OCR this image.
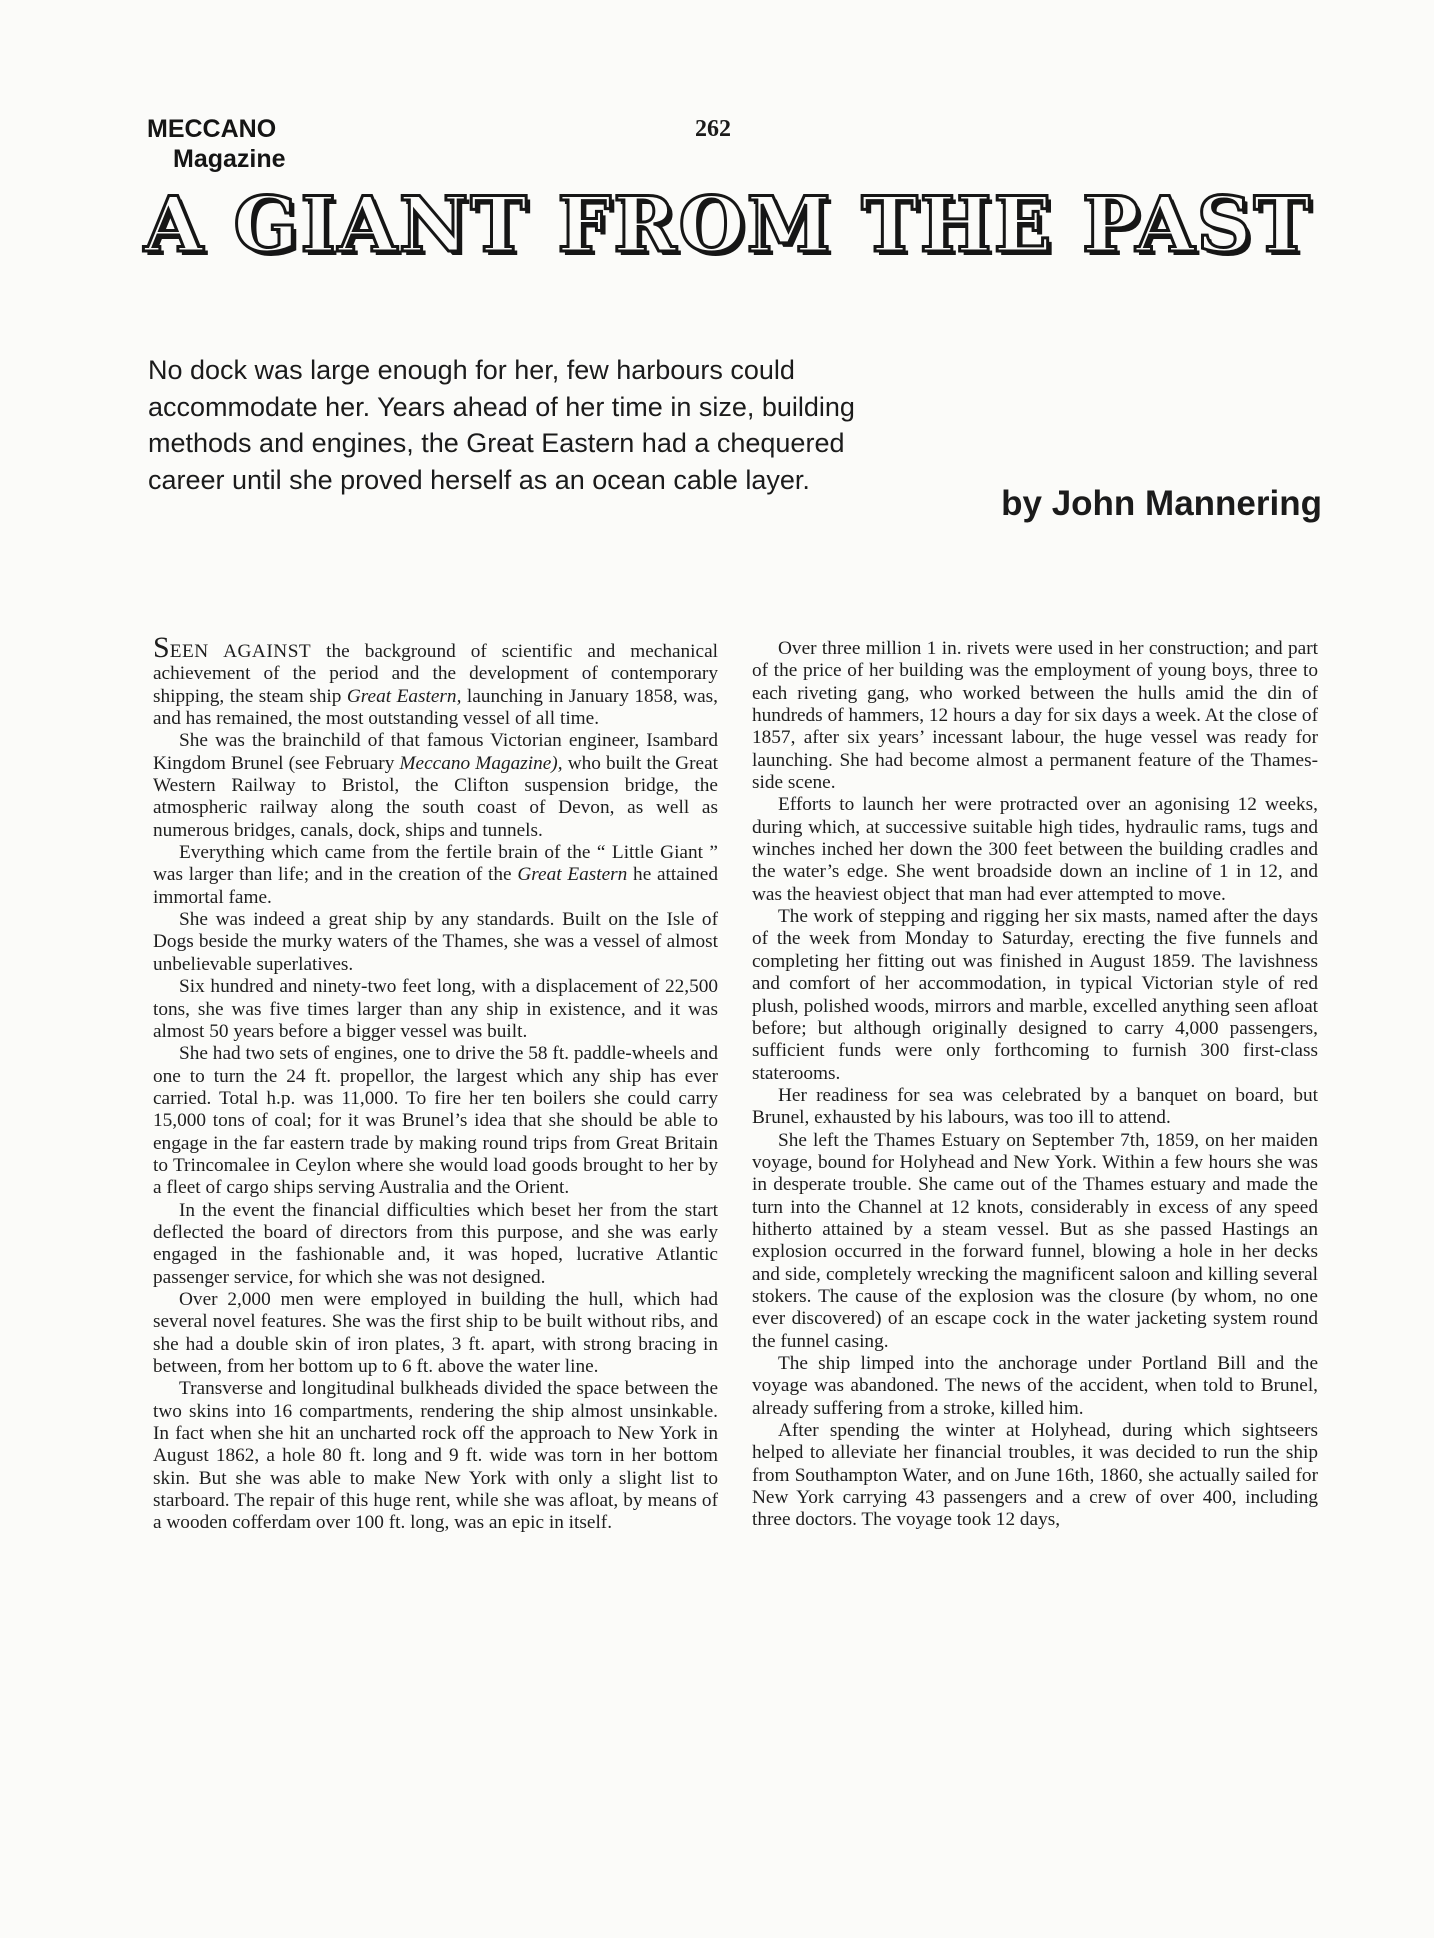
MECCANO
Magazine
262
A GIANT FROM THE PAST
No dock was large enough for her, few harbours could accommodate her. Years ahead of her time in size, building methods and engines, the Great Eastern had a chequered career until she proved herself as an ocean cable layer.
by John Mannering

SEEN AGAINST the background of scientific and mechanical achievement of the period and the development of contemporary shipping, the steam ship Great Eastern, launching in January 1858, was, and has remained, the most outstanding vessel of all time.

She was the brainchild of that famous Victorian engineer, Isambard Kingdom Brunel (see February Meccano Magazine), who built the Great Western Railway to Bristol, the Clifton suspension bridge, the atmospheric railway along the south coast of Devon, as well as numerous bridges, canals, dock, ships and tunnels.

Everything which came from the fertile brain of the “ Little Giant ” was larger than life; and in the creation of the Great Eastern he attained immortal fame.

She was indeed a great ship by any standards. Built on the Isle of Dogs beside the murky waters of the Thames, she was a vessel of almost unbelievable superlatives.

Six hundred and ninety-two feet long, with a displacement of 22,500 tons, she was five times larger than any ship in existence, and it was almost 50 years before a bigger vessel was built.

She had two sets of engines, one to drive the 58 ft. paddle-wheels and one to turn the 24 ft. propellor, the largest which any ship has ever carried. Total h.p. was 11,000. To fire her ten boilers she could carry 15,000 tons of coal; for it was Brunel’s idea that she should be able to engage in the far eastern trade by making round trips from Great Britain to Trincomalee in Ceylon where she would load goods brought to her by a fleet of cargo ships serving Australia and the Orient.

In the event the financial difficulties which beset her from the start deflected the board of directors from this purpose, and she was early engaged in the fashionable and, it was hoped, lucrative Atlantic passenger service, for which she was not designed.

Over 2,000 men were employed in building the hull, which had several novel features. She was the first ship to be built without ribs, and she had a double skin of iron plates, 3 ft. apart, with strong bracing in between, from her bottom up to 6 ft. above the water line.

Transverse and longitudinal bulkheads divided the space between the two skins into 16 compartments, rendering the ship almost unsinkable. In fact when she hit an uncharted rock off the approach to New York in August 1862, a hole 80 ft. long and 9 ft. wide was torn in her bottom skin. But she was able to make New York with only a slight list to starboard. The repair of this huge rent, while she was afloat, by means of a wooden cofferdam over 100 ft. long, was an epic in itself.

Over three million 1 in. rivets were used in her construction; and part of the price of her building was the employment of young boys, three to each riveting gang, who worked between the hulls amid the din of hundreds of hammers, 12 hours a day for six days a week. At the close of 1857, after six years’ incessant labour, the huge vessel was ready for launching. She had become almost a permanent feature of the Thames-side scene.

Efforts to launch her were protracted over an agonising 12 weeks, during which, at successive suitable high tides, hydraulic rams, tugs and winches inched her down the 300 feet between the building cradles and the water’s edge. She went broadside down an incline of 1 in 12, and was the heaviest object that man had ever attempted to move.

The work of stepping and rigging her six masts, named after the days of the week from Monday to Saturday, erecting the five funnels and completing her fitting out was finished in August 1859. The lavishness and comfort of her accommodation, in typical Victorian style of red plush, polished woods, mirrors and marble, excelled anything seen afloat before; but although originally designed to carry 4,000 passengers, sufficient funds were only forthcoming to furnish 300 first-class staterooms.

Her readiness for sea was celebrated by a banquet on board, but Brunel, exhausted by his labours, was too ill to attend.

She left the Thames Estuary on September 7th, 1859, on her maiden voyage, bound for Holyhead and New York. Within a few hours she was in desperate trouble. She came out of the Thames estuary and made the turn into the Channel at 12 knots, considerably in excess of any speed hitherto attained by a steam vessel. But as she passed Hastings an explosion occurred in the forward funnel, blowing a hole in her decks and side, completely wrecking the magnificent saloon and killing several stokers. The cause of the explosion was the closure (by whom, no one ever discovered) of an escape cock in the water jacketing system round the funnel casing.

The ship limped into the anchorage under Portland Bill and the voyage was abandoned. The news of the accident, when told to Brunel, already suffering from a stroke, killed him.

After spending the winter at Holyhead, during which sightseers helped to alleviate her financial troubles, it was decided to run the ship from Southampton Water, and on June 16th, 1860, she actually sailed for New York carrying 43 passengers and a crew of over 400, including three doctors. The voyage took 12 days,
